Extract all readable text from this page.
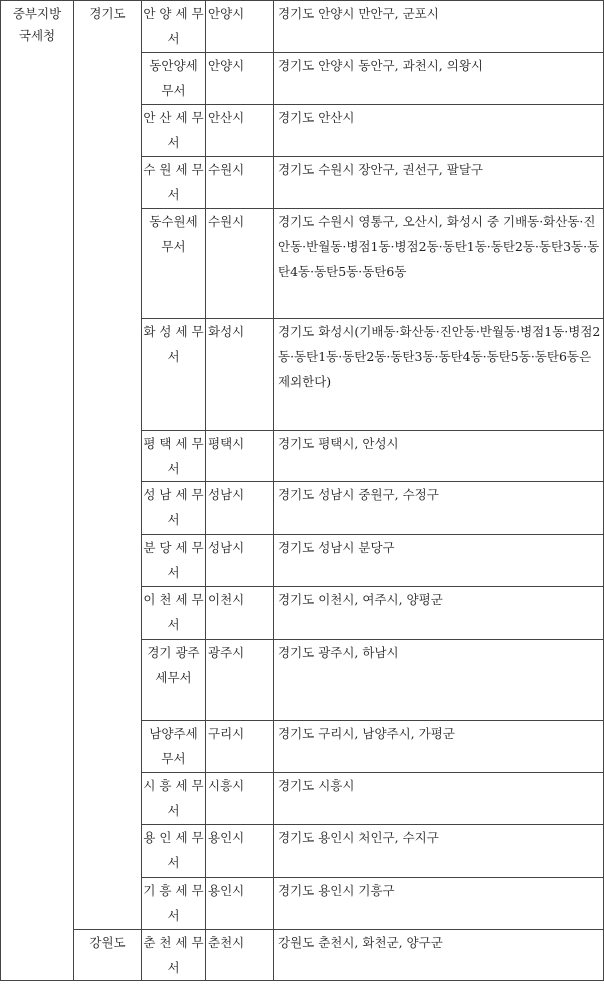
중부지방국세청	경기도	안 양 세 무서	안양시	경기도 안양시 만안구, 군포시
		동안양세 무서	안양시	경기도 안양시 동안구, 과천시, 의왕시
		안 산 세 무서	안산시	경기도 안산시
		수 원 세 무서	수원시	경기도 수원시 장안구, 권선구, 팔달구
		동수원세 무서	수원시	경기도 수원시 영통구, 오산시, 화성시 중 기배동·화산동·진안동·반월동·병점1동·병점2동·동탄1동·동탄2동·동탄3동·동탄4동·동탄5동·동탄6동
		화 성 세 무서	화성시	경기도 화성시(기배동·화산동·진안동·반월동·병점1동·병점2동·동탄1동·동탄2동·동탄3동·동탄4동·동탄5동·동탄6동은 제외한다)
		평 택 세 무서	평택시	경기도 평택시, 안성시
		성 남 세 무서	성남시	경기도 성남시 중원구, 수정구
		분 당 세 무서	성남시	경기도 성남시 분당구
		이 천 세 무서	이천시	경기도 이천시, 여주시, 양평군
		경기 광주 세무서	광주시	경기도 광주시, 하남시
		남양주세 무서	구리시	경기도 구리시, 남양주시, 가평군
		시 흥 세 무서	시흥시	경기도 시흥시
		용 인 세 무서	용인시	경기도 용인시 처인구, 수지구
		기 흥 세 무서	용인시	경기도 용인시 기흥구
	강원도	춘 천 세 무서	춘천시	강원도 춘천시, 화천군, 양구군
